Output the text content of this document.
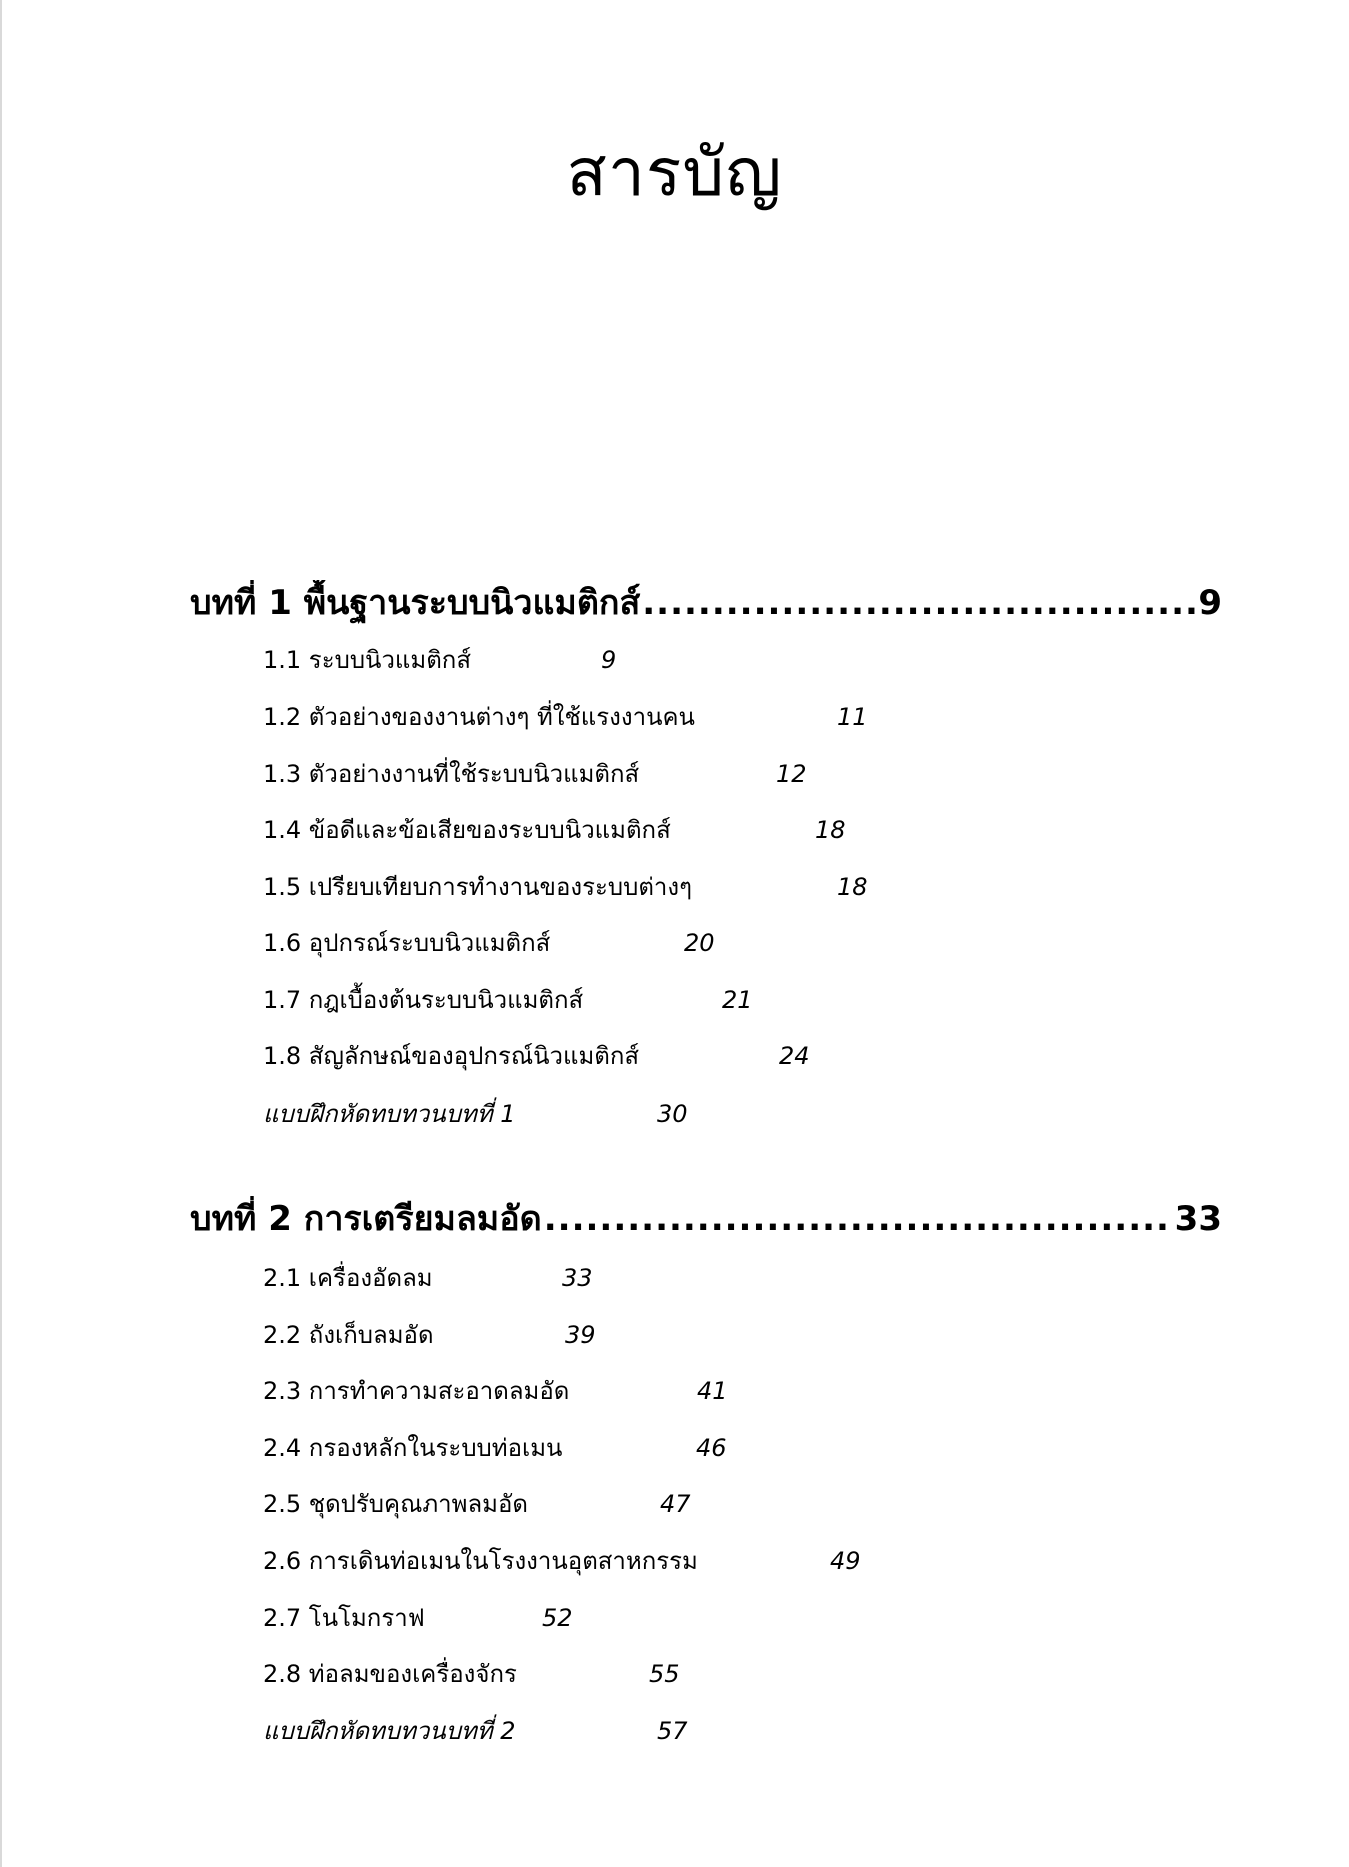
สารบัญ
บทที่ 1 พื้นฐานระบบนิวแมติกส์ .....	9
1.1 ระบบนิวแมติกส์	9
1.2 ตัวอย่างของงานต่างๆ ที่ใช้แรงงานคน	11
1.3 ตัวอย่างงานที่ใช้ระบบนิวแมติกส์	12
1.4 ข้อดีและข้อเสียของระบบนิวแมติกส์	18
1.5 เปรียบเทียบการทำงานของระบบต่างๆ	18
1.6 อุปกรณ์ระบบนิวแมติกส์	20
1.7 กฎเบื้องต้นระบบนิวแมติกส์	21
1.8 สัญลักษณ์ของอุปกรณ์นิวแมติกส์	24
แบบฝึกหัดทบทวนบทที่ 1	30
บทที่ 2 การเตรียมลมอัด .....	33
2.1 เครื่องอัดลม	33
2.2 ถังเก็บลมอัด	39
2.3 การทำความสะอาดลมอัด	41
2.4 กรองหลักในระบบท่อเมน	46
2.5 ชุดปรับคุณภาพลมอัด	47
2.6 การเดินท่อเมนในโรงงานอุตสาหกรรม	49
2.7 โนโมกราฟ	52
2.8 ท่อลมของเครื่องจักร	55
แบบฝึกหัดทบทวนบทที่ 2	57
